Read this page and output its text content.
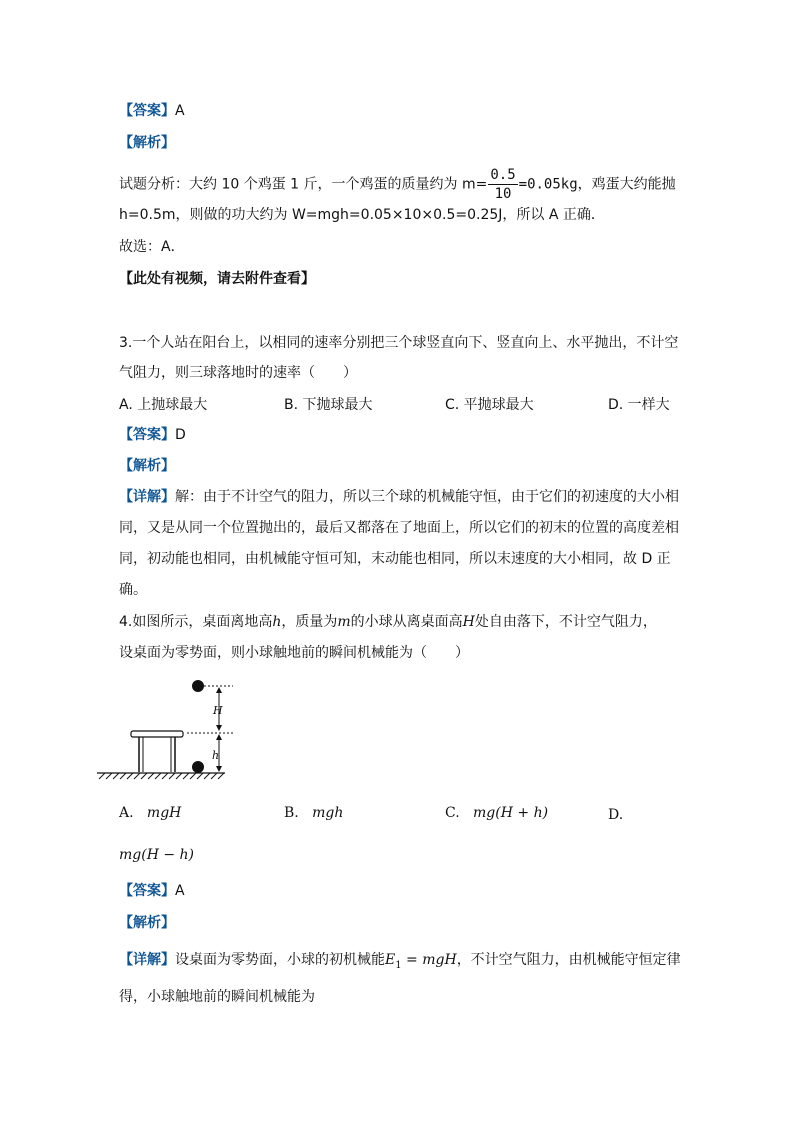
【答案】A
【解析】
试题分析：大约 10 个鸡蛋 1 斤，一个鸡蛋的质量约为 $m= \frac{0.5}{10} =0.05kg$，鸡蛋大约能抛
h=0.5m，则做的功大约为 W=mgh=0.05×10×0.5=0.25J，所以 A 正确．
故选：A．
【此处有视频，请去附件查看】
3.一个人站在阳台上，以相同的速率分别把三个球竖直向下、竖直向上、水平抛出，不计空
气阻力，则三球落地时的速率（　　）
A. 上抛球最大	B. 下抛球最大	C. 平抛球最大	D. 一样大
【答案】D
【解析】
【详解】解：由于不计空气的阻力，所以三个球的机械能守恒，由于它们的初速度的大小相
同，又是从同一个位置抛出的，最后又都落在了地面上，所以它们的初末的位置的高度差相
同，初动能也相同，由机械能守恒可知，末动能也相同，所以末速度的大小相同，故 D 正
确。
4.如图所示，桌面离地高h，质量为m的小球从离桌面高H处自由落下，不计空气阻力，
设桌面为零势面，则小球触地前的瞬间机械能为（　　）
H
h
A. mgH	B. mgh	C. mg(H + h)	D.
mg(H − h)
【答案】A
【解析】
【详解】设桌面为零势面，小球的初机械能$E_1$ = mgH，不计空气阻力，由机械能守恒定律
得，小球触地前的瞬间机械能为
